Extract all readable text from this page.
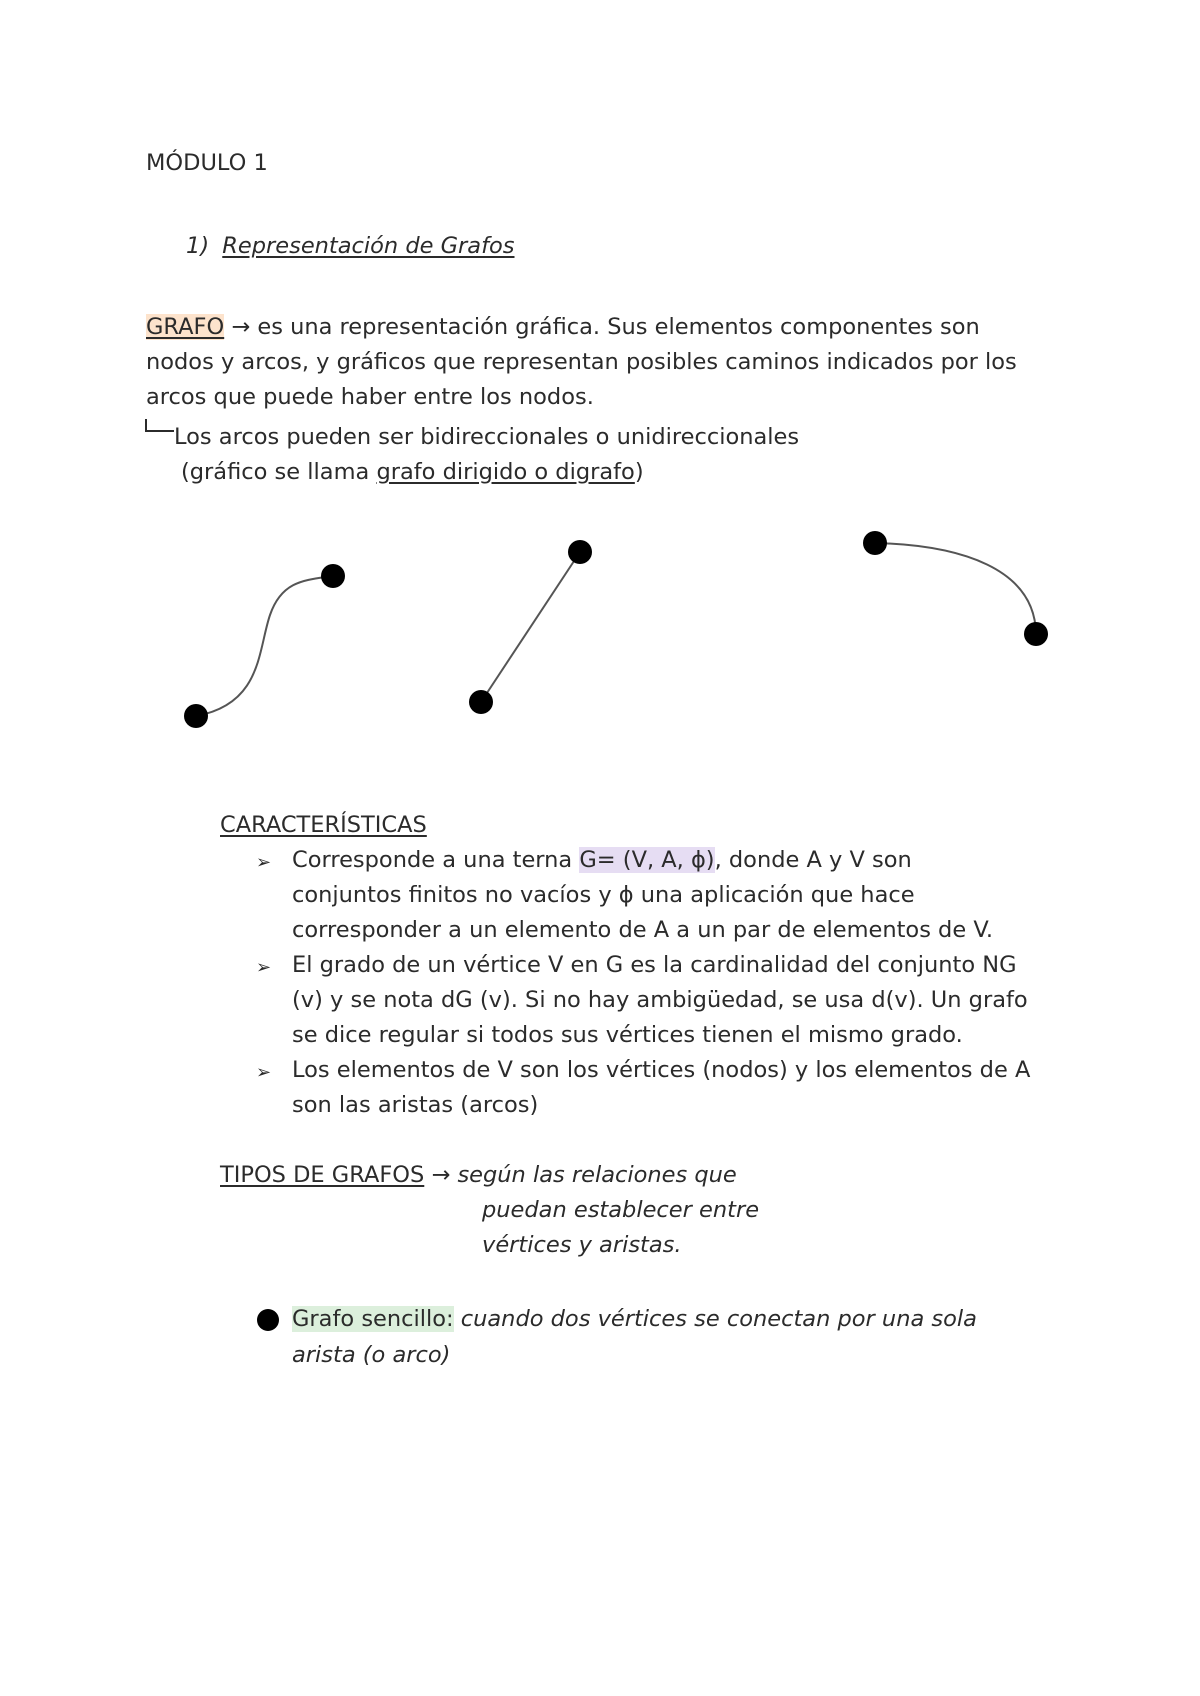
MÓDULO 1
1) Representación de Grafos
GRAFO → es una representación gráfica. Sus elementos componentes son
nodos y arcos, y gráficos que representan posibles caminos indicados por los
arcos que puede haber entre los nodos.
Los arcos pueden ser bidireccionales o unidireccionales
(gráfico se llama grafo dirigido o digrafo)
CARACTERÍSTICAS
➢ Corresponde a una terna G= (V, A, ϕ), donde A y V son
conjuntos finitos no vacíos y ϕ una aplicación que hace
corresponder a un elemento de A a un par de elementos de V.
➢ El grado de un vértice V en G es la cardinalidad del conjunto NG
(v) y se nota dG (v). Si no hay ambigüedad, se usa d(v). Un grafo
se dice regular si todos sus vértices tienen el mismo grado.
➢ Los elementos de V son los vértices (nodos) y los elementos de A
son las aristas (arcos)
TIPOS DE GRAFOS → según las relaciones que
puedan establecer entre
vértices y aristas.
Grafo sencillo: cuando dos vértices se conectan por una sola
arista (o arco)
